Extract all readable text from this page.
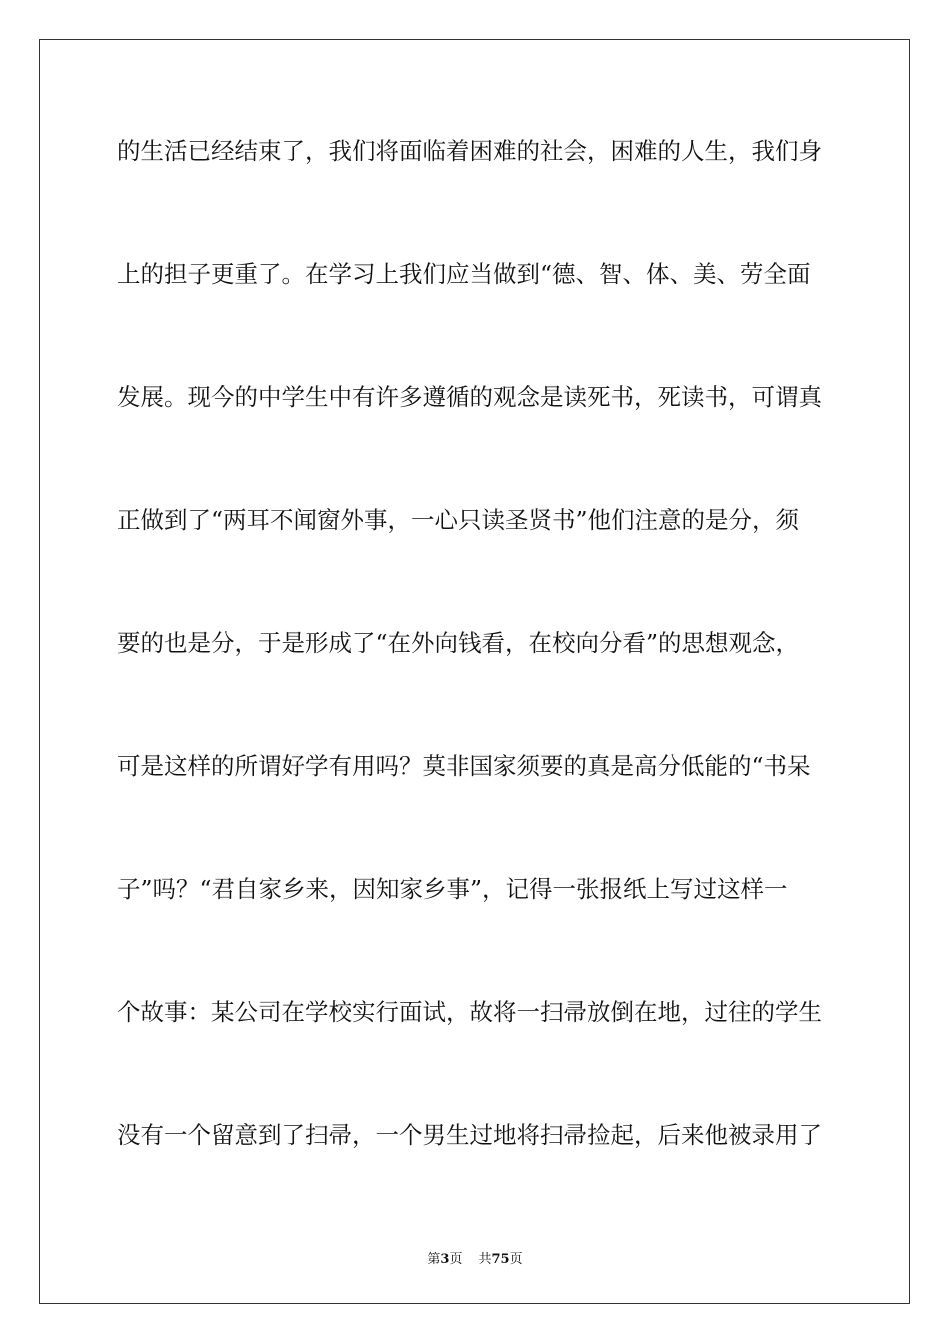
的生活已经结束了，我们将面临着困难的社会，困难的人生，我们身
上的担子更重了。在学习上我们应当做到“德、智、体、美、劳全面
发展。现今的中学生中有许多遵循的观念是读死书，死读书，可谓真
正做到了“两耳不闻窗外事，一心只读圣贤书”他们注意的是分，须
要的也是分，于是形成了“在外向钱看，在校向分看”的思想观念，
可是这样的所谓好学有用吗？莫非国家须要的真是高分低能的“书呆
子”吗？“君自家乡来，因知家乡事”，记得一张报纸上写过这样一
个故事：某公司在学校实行面试，故将一扫帚放倒在地，过往的学生
没有一个留意到了扫帚，一个男生过地将扫帚捡起，后来他被录用了
第3页 共75页
